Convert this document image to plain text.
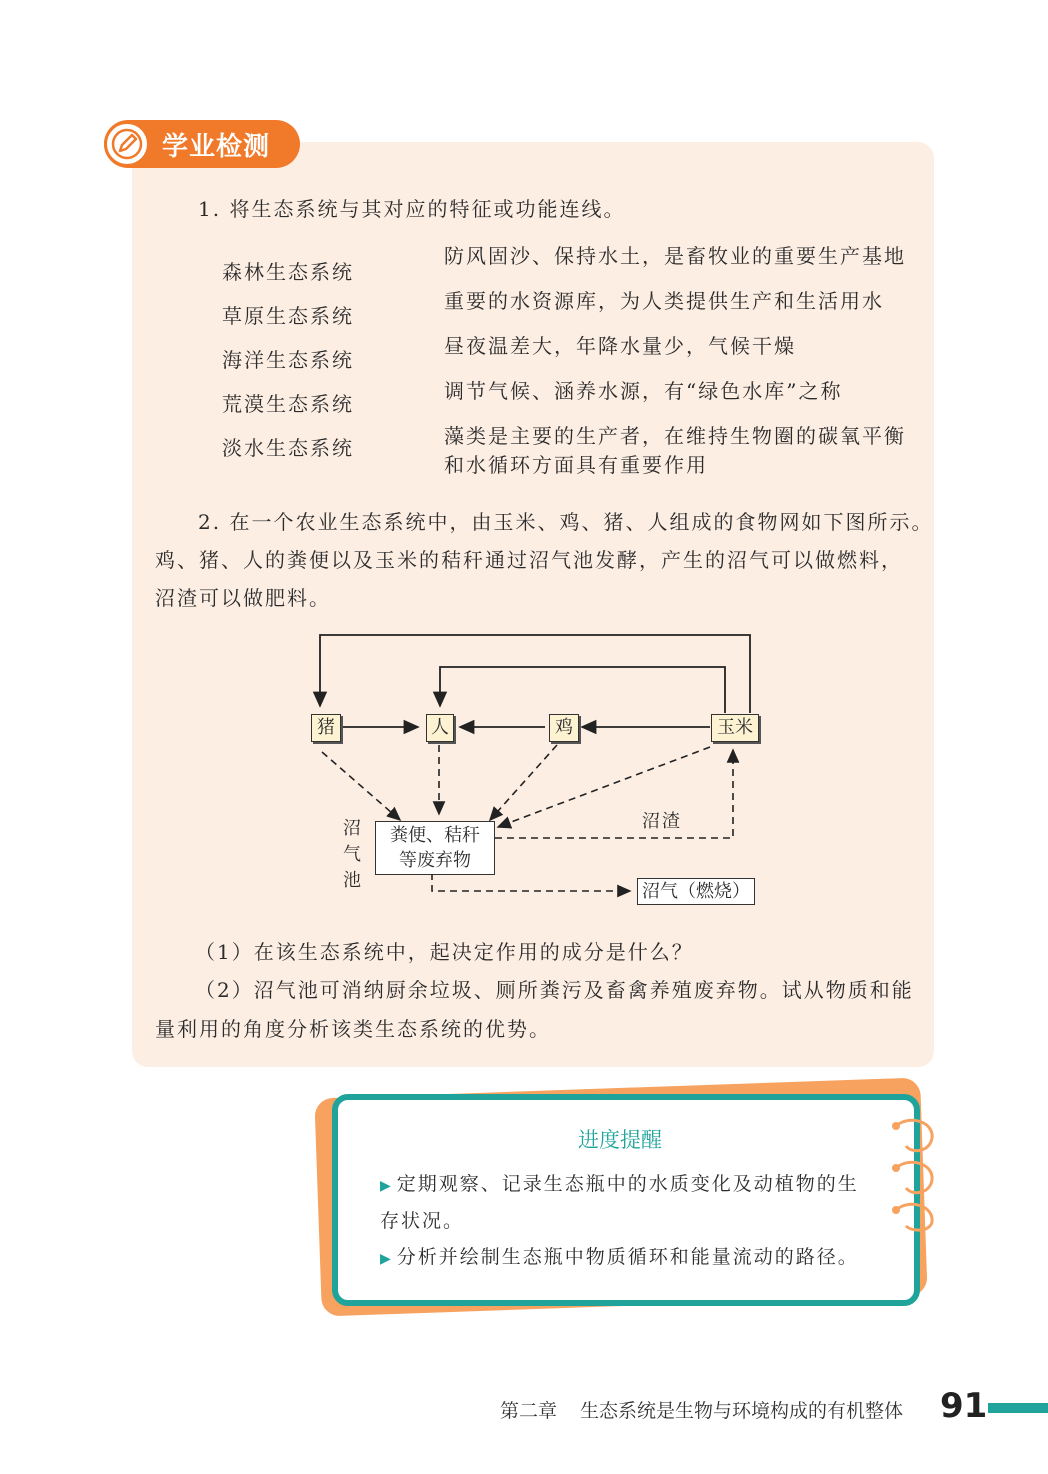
学业检测
1. 将生态系统与其对应的特征或功能连线。
森林生态系统
草原生态系统
海洋生态系统
荒漠生态系统
淡水生态系统
防风固沙、保持水土，是畜牧业的重要生产基地
重要的水资源库，为人类提供生产和生活用水
昼夜温差大，年降水量少，气候干燥
调节气候、涵养水源，有“绿色水库”之称
藻类是主要的生产者，在维持生物圈的碳氧平衡
和水循环方面具有重要作用
2. 在一个农业生态系统中，由玉米、鸡、猪、人组成的食物网如下图所示。
鸡、猪、人的粪便以及玉米的秸秆通过沼气池发酵，产生的沼气可以做燃料，
沼渣可以做肥料。
猪	人	鸡	玉米
粪便、秸秆
等废弃物
沼气（燃烧）
沼渣
沼
气
池
（1）在该生态系统中，起决定作用的成分是什么？
（2）沼气池可消纳厨余垃圾、厕所粪污及畜禽养殖废弃物。试从物质和能
量利用的角度分析该类生态系统的优势。
进度提醒
▶ 定期观察、记录生态瓶中的水质变化及动植物的生
存状况。
▶ 分析并绘制生态瓶中物质循环和能量流动的路径。
第二章 生态系统是生物与环境构成的有机整体 91
